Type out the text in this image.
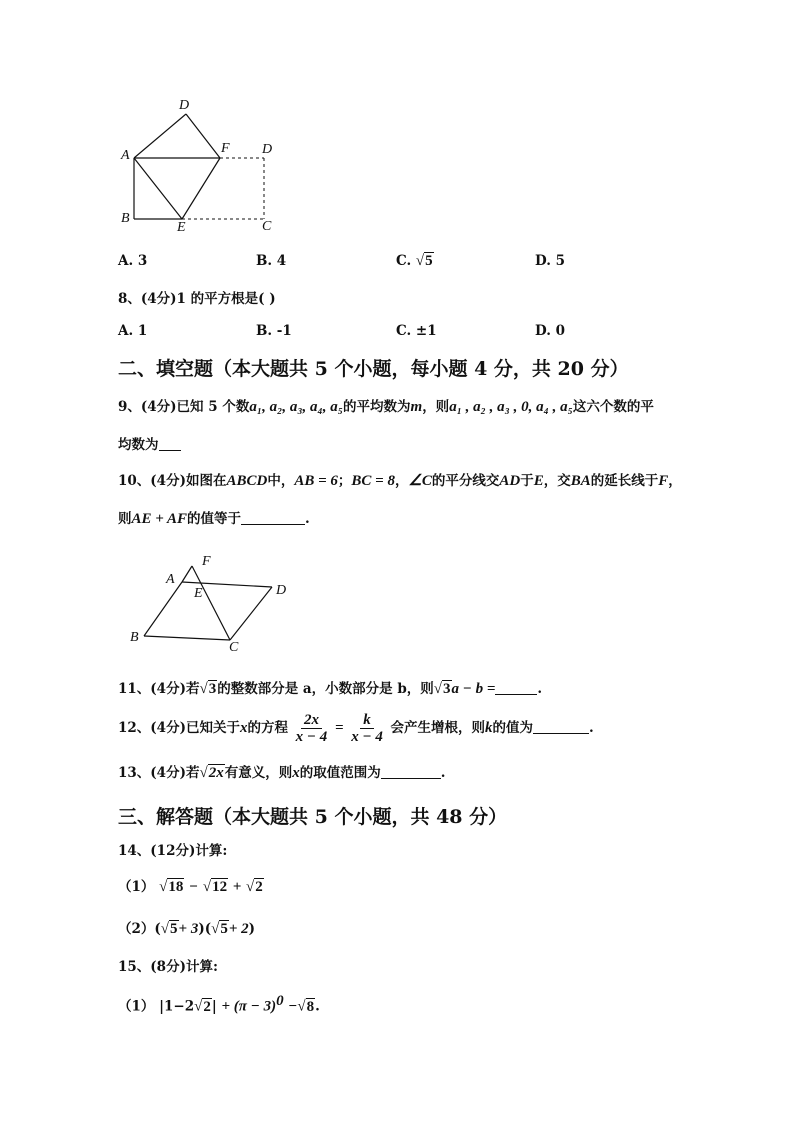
D
A	F D
B
E	C
A. 3	B. 4	C. √5	D. 5
8、(4分)1 的平方根是( )
A. 1	B. -1	C. ±1	D. 0
二、填空题（本大题共 5 个小题，每小题 4 分，共 20 分）
9、(4分)已知 5 个数a₁, a₂, a₃, a₄, a₅的平均数为m，则a₁ , a₂ , a₃ , 0, a₄ , a₅这六个数的平
均数为
10、(4分)如图在ABCD中，AB = 6；BC = 8，∠C的平分线交AD于E，交BA的延长线于F，
则AE + AF的值等于	.
F
A
E	D
B
C
11、(4分)若√3的整数部分是 a，小数部分是 b，则√3a − b =	.
12、(4分)已知关于x的方程 $\frac{2x}{x - 4} = \frac{k}{x - 4}$ 会产生增根，则k的值为	.
13、(4分)若√2x有意义，则x的取值范围为	.
三、解答题（本大题共 5 个小题，共 48 分）
14、(12分)计算:
（1） √18 − √12 + √2
（2）(√5+ 3)(√5+ 2)
15、(8分)计算:
（1） $|1-2√2| + (\pi - 3)^0 -√8$.
